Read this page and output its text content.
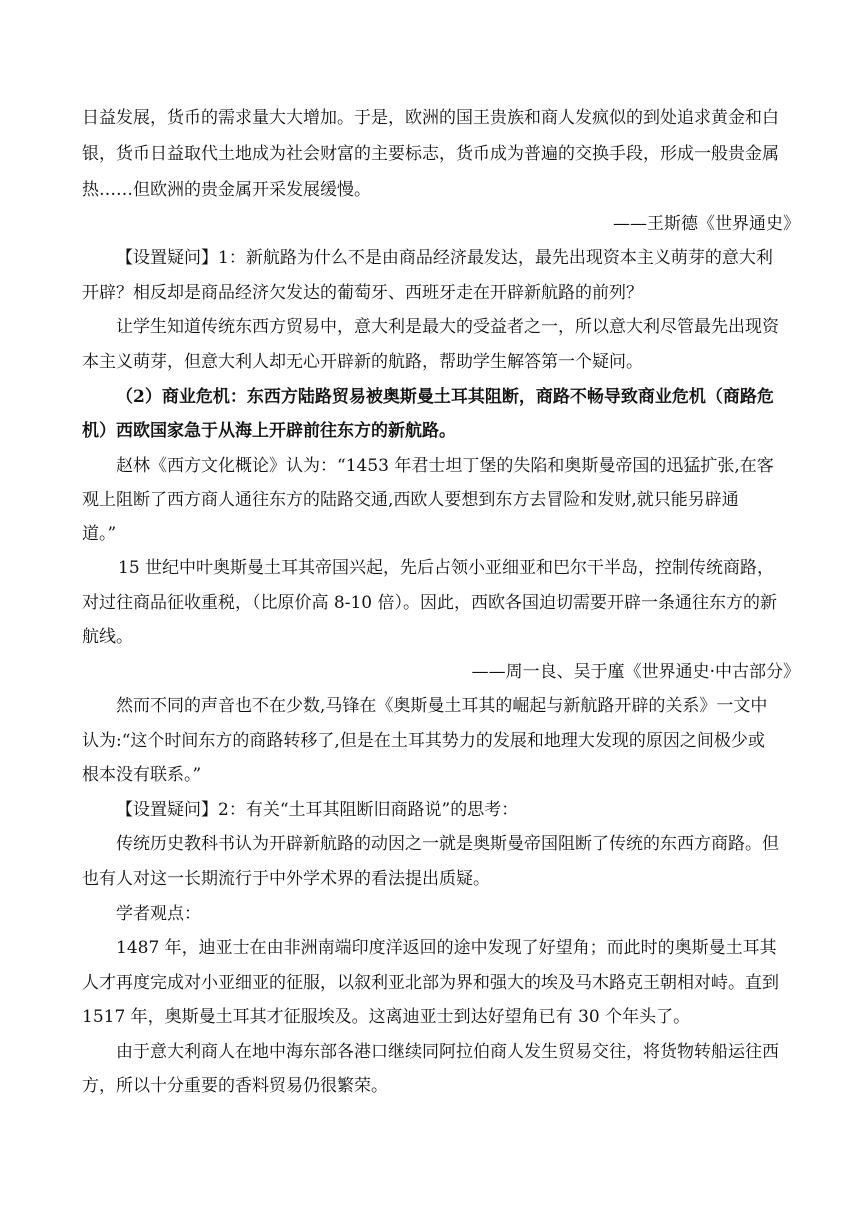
日益发展，货币的需求量大大增加。于是，欧洲的国王贵族和商人发疯似的到处追求黄金和白
银，货币日益取代土地成为社会财富的主要标志，货币成为普遍的交换手段，形成一般贵金属
热……但欧洲的贵金属开采发展缓慢。
——王斯德《世界通史》
【设置疑问】1：新航路为什么不是由商品经济最发达，最先出现资本主义萌芽的意大利
开辟？相反却是商品经济欠发达的葡萄牙、西班牙走在开辟新航路的前列？
让学生知道传统东西方贸易中，意大利是最大的受益者之一，所以意大利尽管最先出现资
本主义萌芽，但意大利人却无心开辟新的航路，帮助学生解答第一个疑问。
（2）商业危机：东西方陆路贸易被奥斯曼土耳其阻断，商路不畅导致商业危机（商路危
机）西欧国家急于从海上开辟前往东方的新航路。
赵林《西方文化概论》认为：“1453 年君士坦丁堡的失陷和奥斯曼帝国的迅猛扩张,在客
观上阻断了西方商人通往东方的陆路交通,西欧人要想到东方去冒险和发财,就只能另辟通
道。”
15 世纪中叶奥斯曼土耳其帝国兴起，先后占领小亚细亚和巴尔干半岛，控制传统商路，
对过往商品征收重税，（比原价高 8-10 倍）。因此，西欧各国迫切需要开辟一条通往东方的新
航线。
——周一良、吴于廑《世界通史·中古部分》
然而不同的声音也不在少数,马锋在《奥斯曼土耳其的崛起与新航路开辟的关系》一文中
认为:“这个时间东方的商路转移了,但是在土耳其势力的发展和地理大发现的原因之间极少或
根本没有联系。”
【设置疑问】2：有关“土耳其阻断旧商路说”的思考：
传统历史教科书认为开辟新航路的动因之一就是奥斯曼帝国阻断了传统的东西方商路。但
也有人对这一长期流行于中外学术界的看法提出质疑。
学者观点：
1487 年，迪亚士在由非洲南端印度洋返回的途中发现了好望角；而此时的奥斯曼土耳其
人才再度完成对小亚细亚的征服，以叙利亚北部为界和强大的埃及马木路克王朝相对峙。直到
1517 年，奥斯曼土耳其才征服埃及。这离迪亚士到达好望角已有 30 个年头了。
由于意大利商人在地中海东部各港口继续同阿拉伯商人发生贸易交往，将货物转船运往西
方，所以十分重要的香料贸易仍很繁荣。
